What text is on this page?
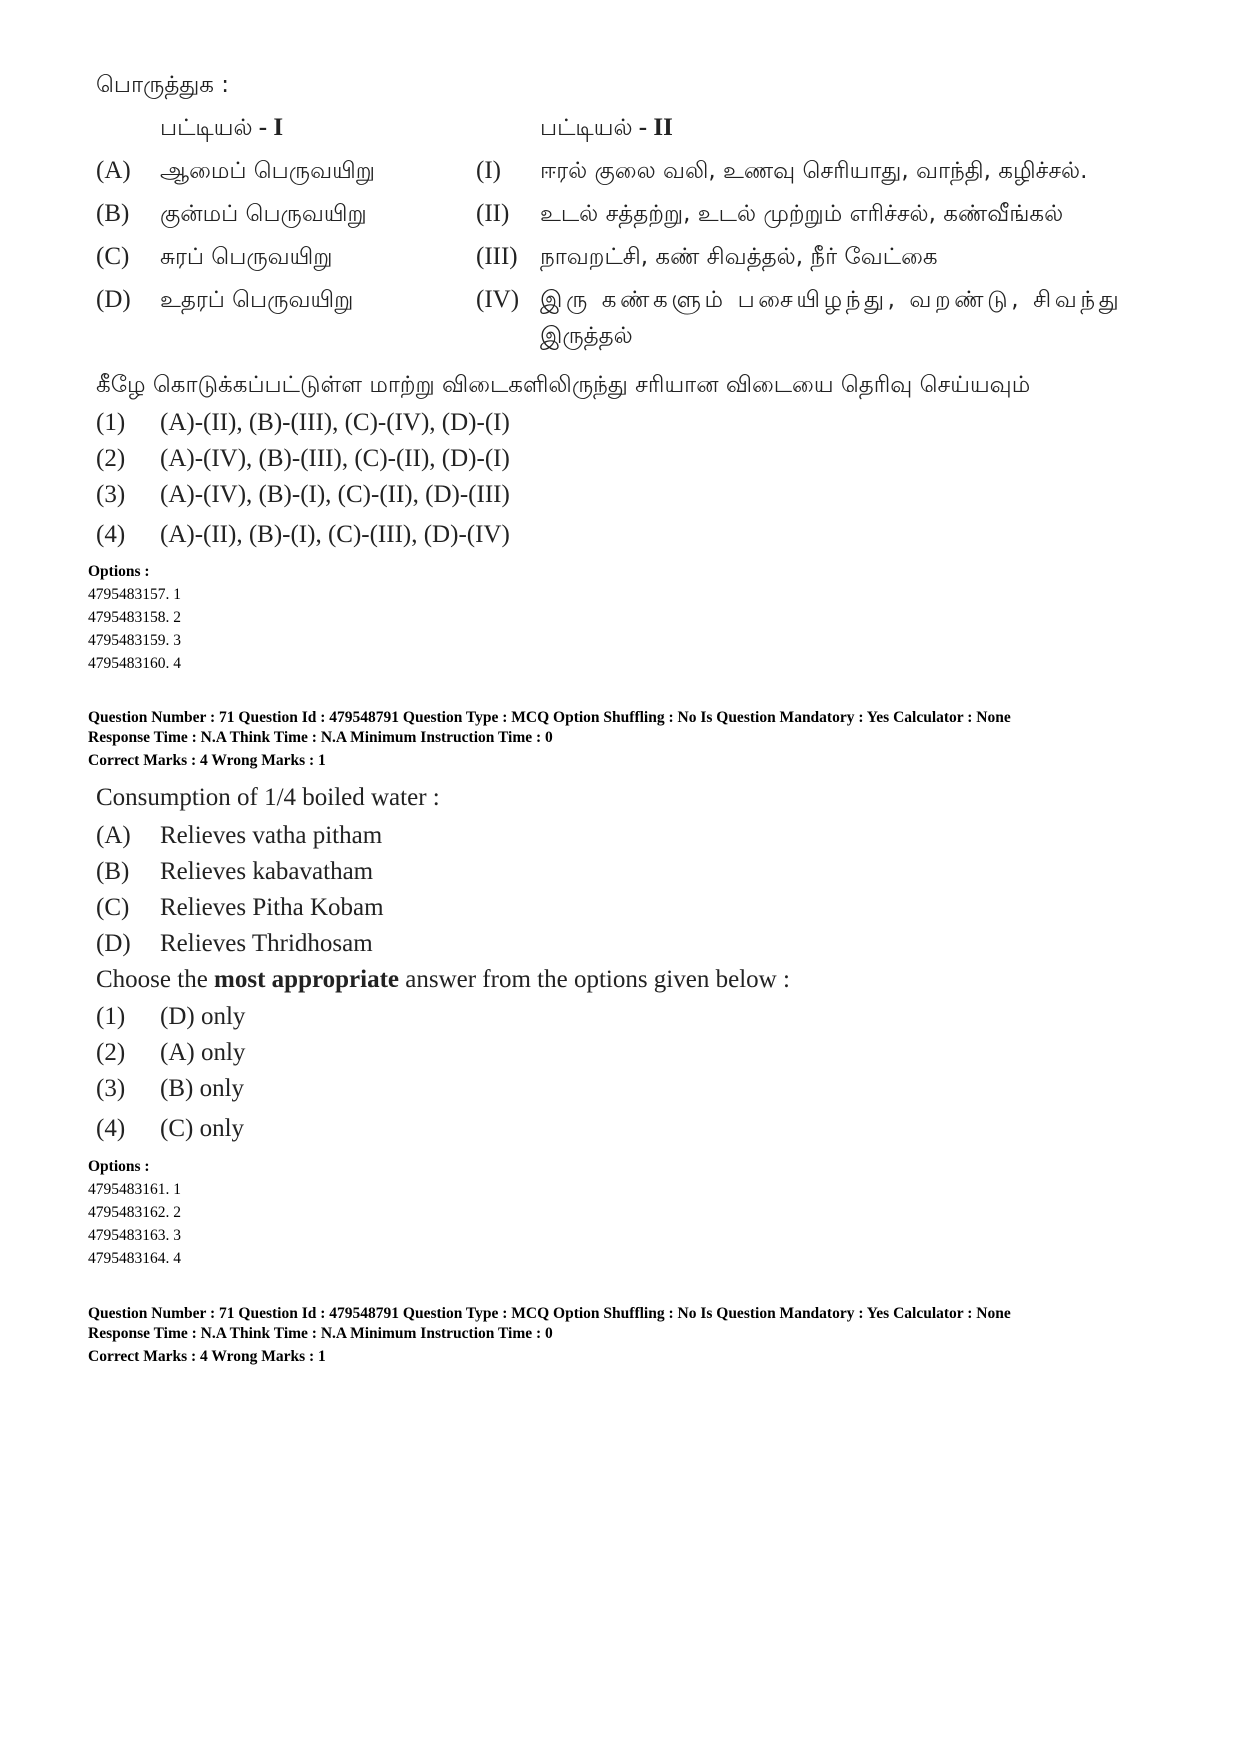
பொருத்துக :
பட்டியல் - I	பட்டியல் - II
(A) ஆமைப் பெருவயிறு	(I) ஈரல் குலை வலி, உணவு செரியாது, வாந்தி, கழிச்சல்.
(B) குன்மப் பெருவயிறு	(II) உடல் சத்தற்று, உடல் முற்றும் எரிச்சல், கண்வீங்கல்
(C) சுரப் பெருவயிறு	(III) நாவறட்சி, கண் சிவத்தல், நீர் வேட்கை
(D) உதரப் பெருவயிறு	(IV) இரு கண்களும் பசையிழந்து, வறண்டு, சிவந்து
இருத்தல்
கீழே கொடுக்கப்பட்டுள்ள மாற்று விடைகளிலிருந்து சரியான விடையை தெரிவு செய்யவும்
(1) (A)-(II), (B)-(III), (C)-(IV), (D)-(I)
(2) (A)-(IV), (B)-(III), (C)-(II), (D)-(I)
(3) (A)-(IV), (B)-(I), (C)-(II), (D)-(III)
(4) (A)-(II), (B)-(I), (C)-(III), (D)-(IV)
Options :
4795483157. 1
4795483158. 2
4795483159. 3
4795483160. 4
Question Number : 71 Question Id : 479548791 Question Type : MCQ Option Shuffling : No Is Question Mandatory : Yes Calculator : None
Response Time : N.A Think Time : N.A Minimum Instruction Time : 0
Correct Marks : 4 Wrong Marks : 1
Consumption of 1/4 boiled water :
(A) Relieves vatha pitham
(B) Relieves kabavatham
(C) Relieves Pitha Kobam
(D) Relieves Thridhosam
Choose the most appropriate answer from the options given below :
(1) (D) only
(2) (A) only
(3) (B) only
(4) (C) only
Options :
4795483161. 1
4795483162. 2
4795483163. 3
4795483164. 4
Question Number : 71 Question Id : 479548791 Question Type : MCQ Option Shuffling : No Is Question Mandatory : Yes Calculator : None
Response Time : N.A Think Time : N.A Minimum Instruction Time : 0
Correct Marks : 4 Wrong Marks : 1
